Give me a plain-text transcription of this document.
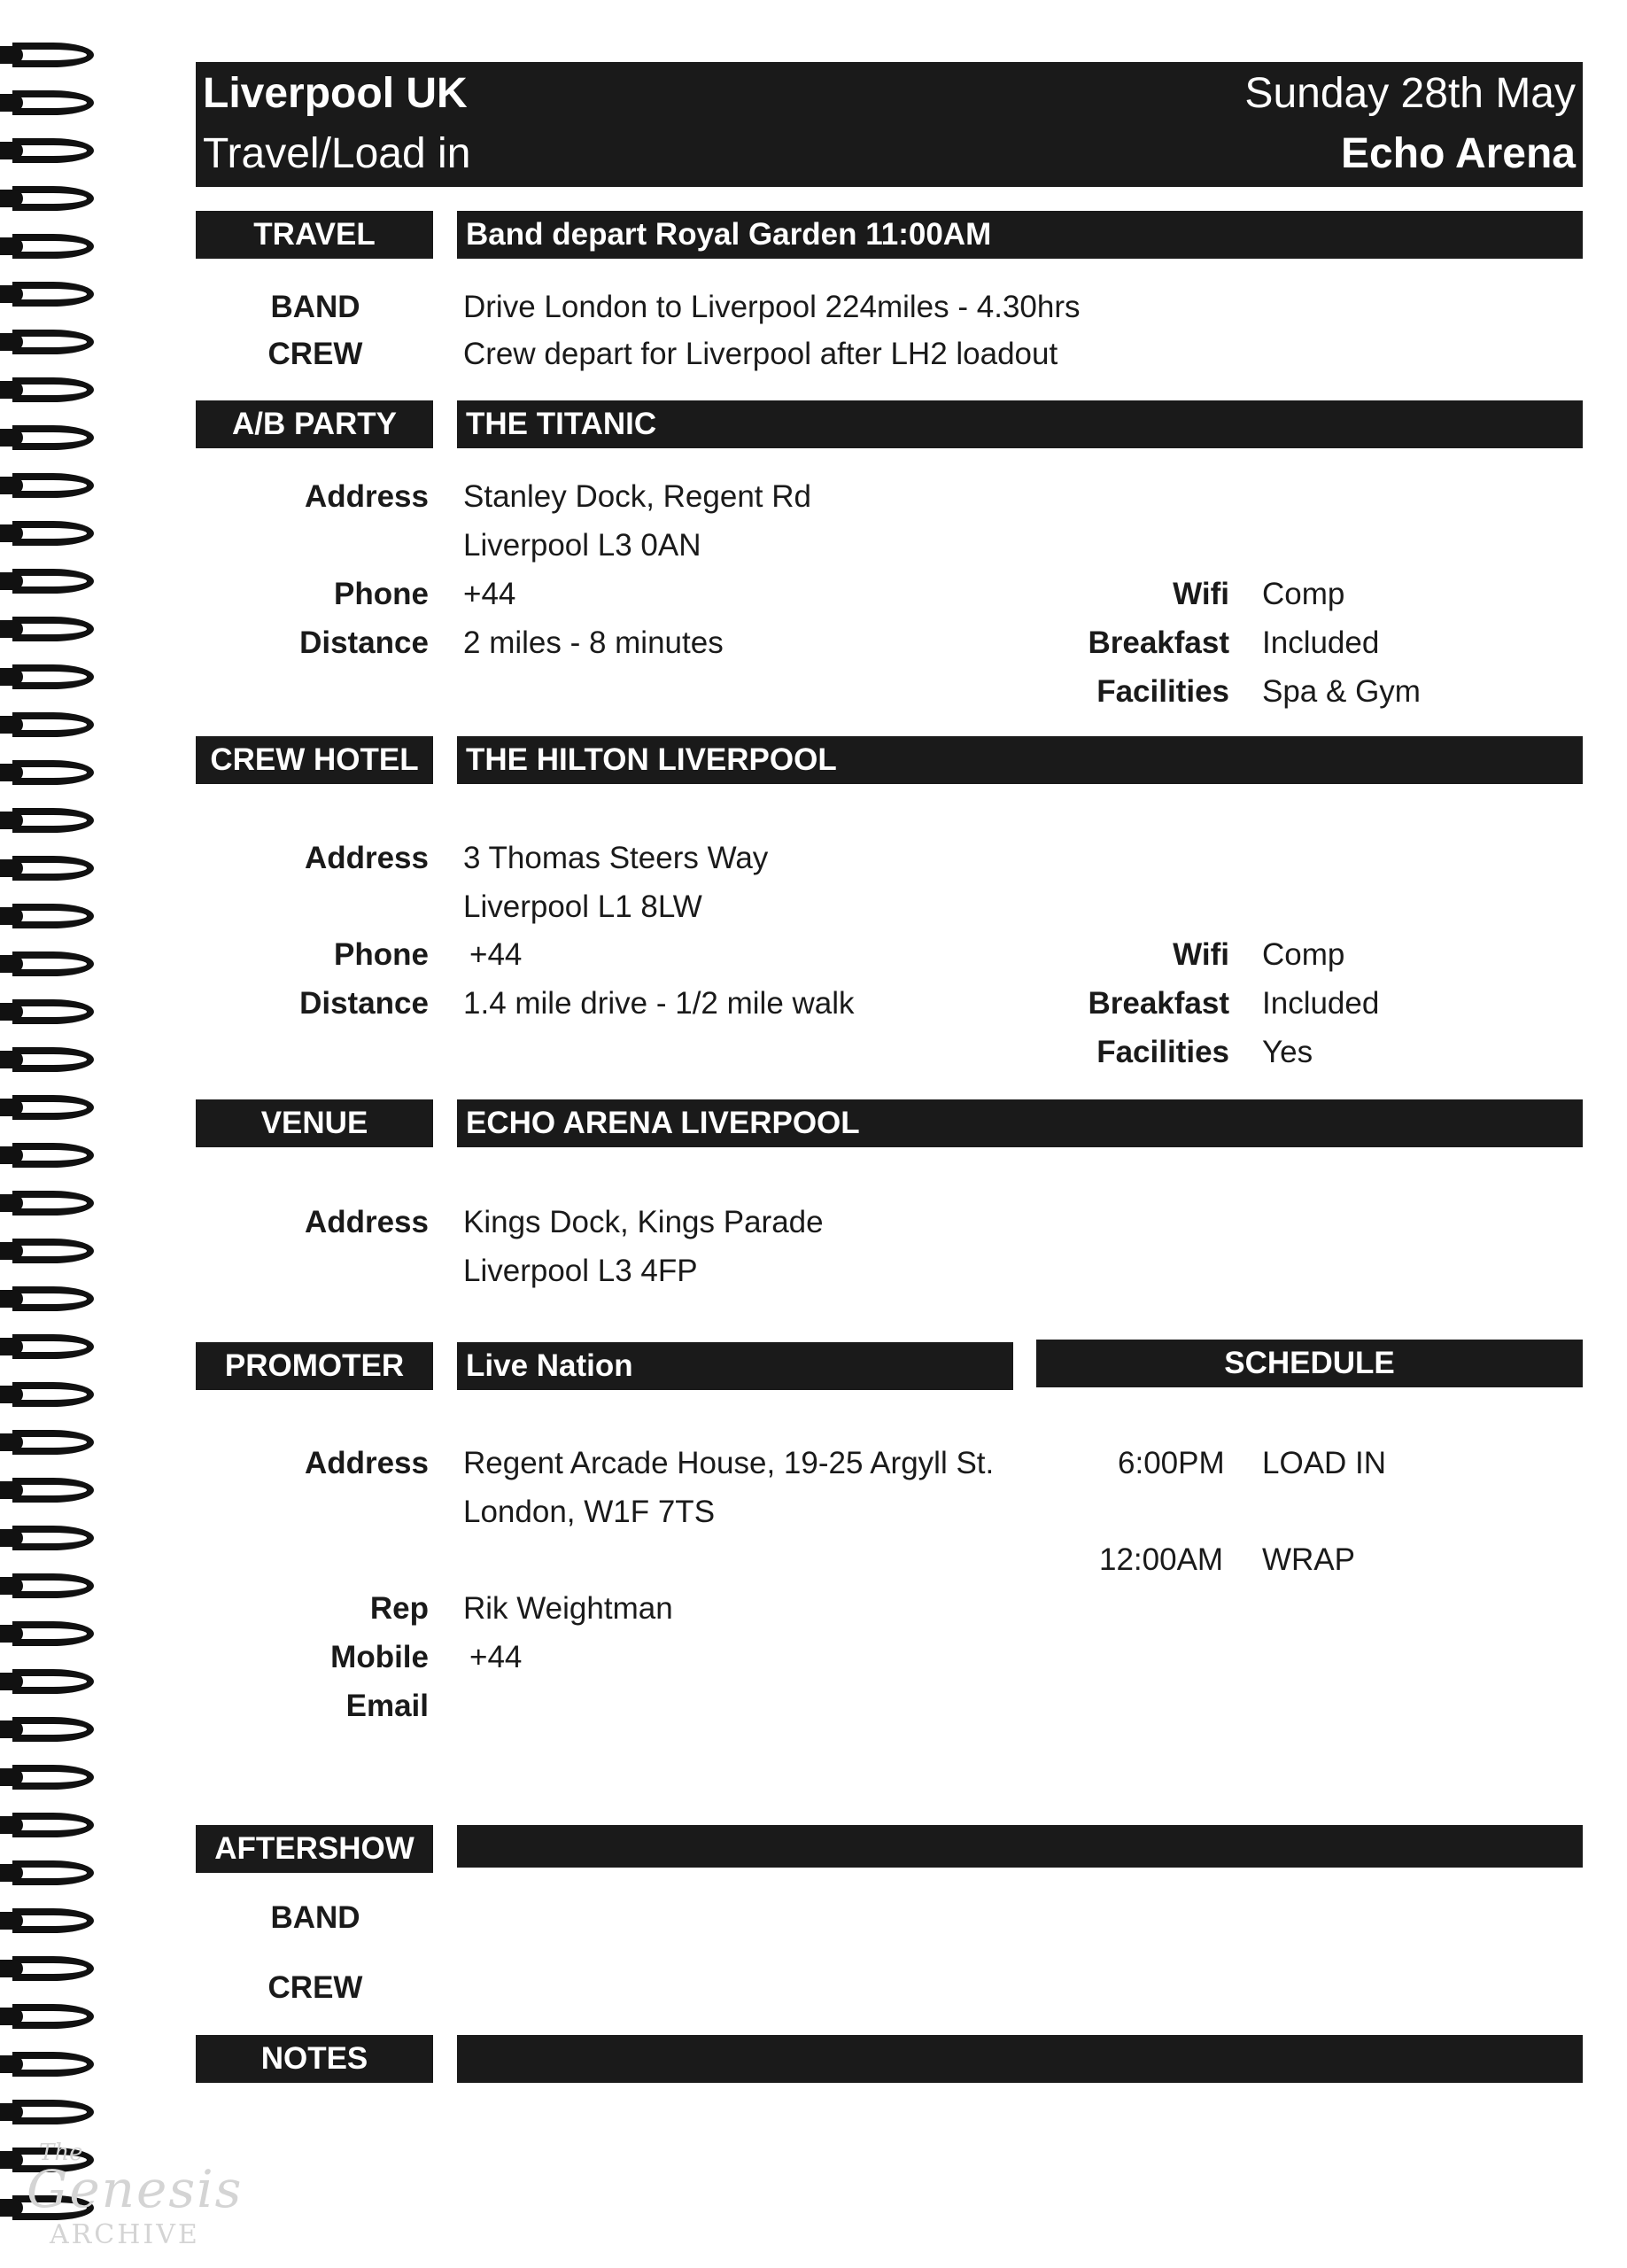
Liverpool UK
Travel/Load in
Sunday 28th May
Echo Arena
TRAVEL	Band depart Royal Garden 11:00AM
BAND	Drive London to Liverpool 224miles - 4.30hrs
CREW	Crew depart for Liverpool after LH2 loadout
A/B PARTY	THE TITANIC
Address Stanley Dock, Regent Rd
Liverpool L3 0AN
Phone +44
Distance 2 miles - 8 minutes
Wifi Comp
Breakfast Included
Facilities Spa & Gym
CREW HOTEL	THE HILTON LIVERPOOL
Address 3 Thomas Steers Way
Liverpool L1 8LW
Phone +44
Distance 1.4 mile drive - 1/2 mile walk
Wifi Comp
Breakfast Included
Facilities Yes
VENUE	ECHO ARENA LIVERPOOL
Address Kings Dock, Kings Parade
Liverpool L3 4FP
PROMOTER	Live Nation	SCHEDULE
Address Regent Arcade House, 19-25 Argyll St.
London, W1F 7TS
Rep Rik Weightman
Mobile +44
Email
6:00PM LOAD IN
12:00AM WRAP
AFTERSHOW
BAND
CREW
NOTES
The
Genesis
ARCHIVE
